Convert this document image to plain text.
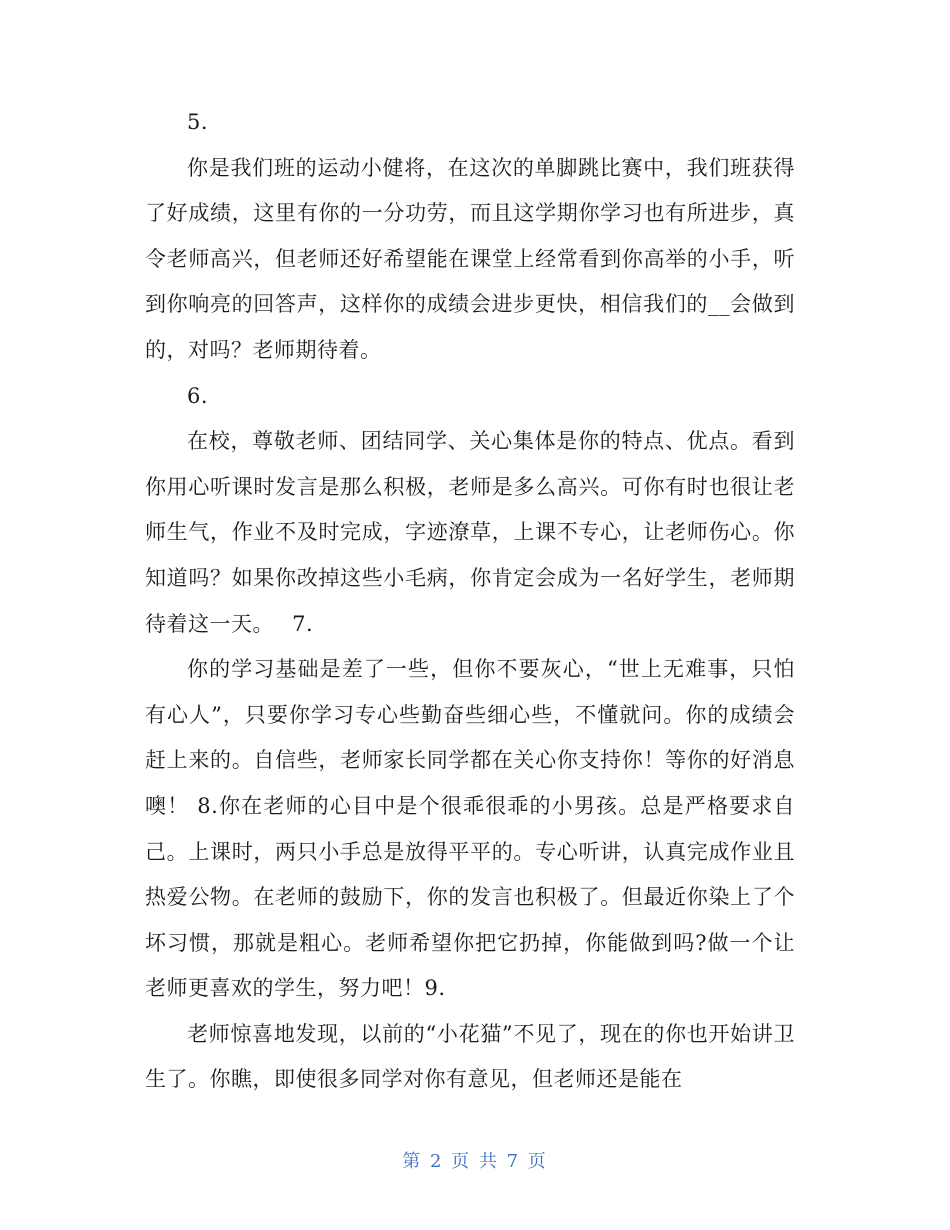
5.

你是我们班的运动小健将，在这次的单脚跳比赛中，我们班获得了好成绩，这里有你的一分功劳，而且这学期你学习也有所进步，真令老师高兴，但老师还好希望能在课堂上经常看到你高举的小手，听到你响亮的回答声，这样你的成绩会进步更快，相信我们的__会做到的，对吗？老师期待着。

6.

在校，尊敬老师、团结同学、关心集体是你的特点、优点。看到你用心听课时发言是那么积极，老师是多么高兴。可你有时也很让老师生气，作业不及时完成，字迹潦草，上课不专心，让老师伤心。你知道吗？如果你改掉这些小毛病，你肯定会成为一名好学生，老师期待着这一天。　 7.

你的学习基础是差了一些，但你不要灰心，“世上无难事，只怕有心人”，只要你学习专心些勤奋些细心些，不懂就问。你的成绩会赶上来的。自信些，老师家长同学都在关心你支持你！等你的好消息噢！ 8.你在老师的心目中是个很乖很乖的小男孩。总是严格要求自己。上课时，两只小手总是放得平平的。专心听讲，认真完成作业且热爱公物。在老师的鼓励下，你的发言也积极了。但最近你染上了个坏习惯，那就是粗心。老师希望你把它扔掉，你能做到吗?做一个让老师更喜欢的学生，努力吧！9.

老师惊喜地发现，以前的“小花猫”不见了，现在的你也开始讲卫生了。你瞧，即使很多同学对你有意见，但老师还是能在

第 2 页 共 7 页
